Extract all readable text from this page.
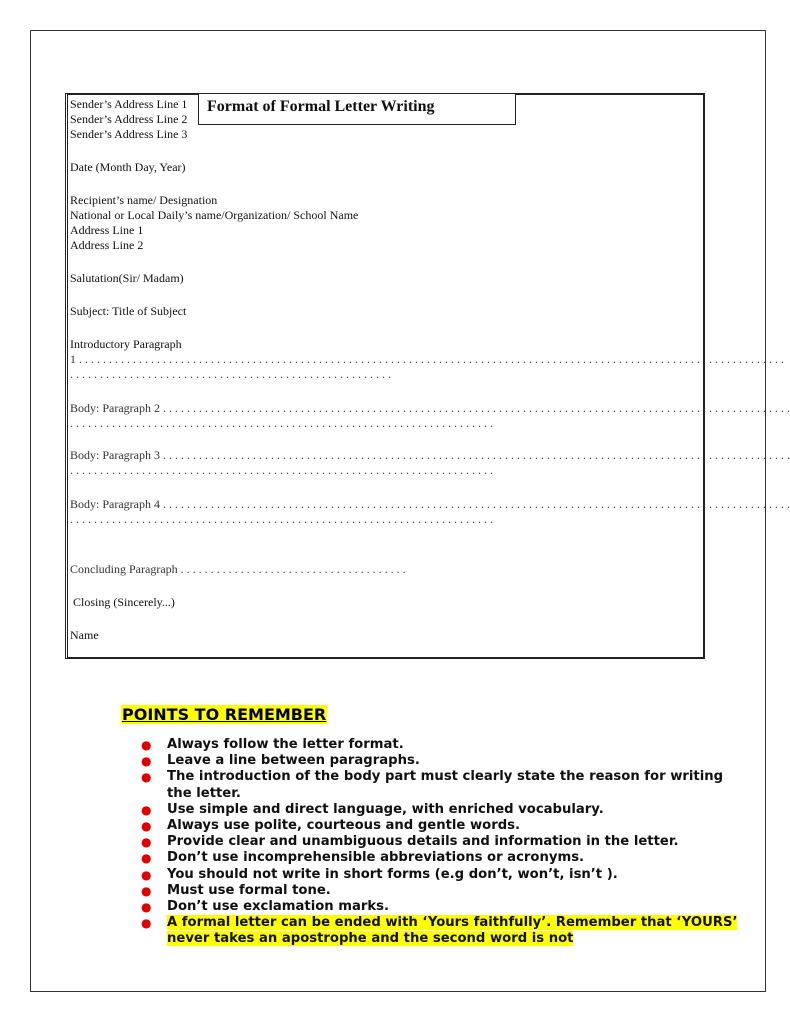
Format of Formal Letter Writing
Sender’s Address Line 1
Sender’s Address Line 2
Sender’s Address Line 3
Date (Month Day, Year)
Recipient’s name/ Designation
National or Local Daily’s name/Organization/ School Name
Address Line 1
Address Line 2
Salutation(Sir/ Madam)
Subject: Title of Subject
Introductory Paragraph
1 . . . . . . . . . . . . . . . . . . . . . . . . . . . . . . . . . . . . . . . . . . . . . . . . . . . . . . . . . . . . . . . . . . . . . . . . . . . . . . . . . . . . . . . . . . . . . . . . . . . . . . . . . . . . . . . . . . . . . .
. . . . . . . . . . . . . . . . . . . . . . . . . . . . . . . . . . . . . . . . . . . . . . . . . . . . . .
Body: Paragraph 2 . . . . . . . . . . . . . . . . . . . . . . . . . . . . . . . . . . . . . . . . . . . . . . . . . . . . . . . . . . . . . . . . . . . . . . . . . . . . . . . . . . . . . . . . . . . . . . . . . . . . . . . . .
. . . . . . . . . . . . . . . . . . . . . . . . . . . . . . . . . . . . . . . . . . . . . . . . . . . . . . . . . . . . . . . . . . . . . . .
Body: Paragraph 3 . . . . . . . . . . . . . . . . . . . . . . . . . . . . . . . . . . . . . . . . . . . . . . . . . . . . . . . . . . . . . . . . . . . . . . . . . . . . . . . . . . . . . . . . . . . . . . . . . . . . . . . . .
. . . . . . . . . . . . . . . . . . . . . . . . . . . . . . . . . . . . . . . . . . . . . . . . . . . . . . . . . . . . . . . . . . . . . . .
Body: Paragraph 4 . . . . . . . . . . . . . . . . . . . . . . . . . . . . . . . . . . . . . . . . . . . . . . . . . . . . . . . . . . . . . . . . . . . . . . . . . . . . . . . . . . . . . . . . . . . . . . . . . . . . . . . . .
. . . . . . . . . . . . . . . . . . . . . . . . . . . . . . . . . . . . . . . . . . . . . . . . . . . . . . . . . . . . . . . . . . . . . . .
Concluding Paragraph . . . . . . . . . . . . . . . . . . . . . . . . . . . . . . . . . . . . . .
Closing (Sincerely...)
Name
POINTS TO REMEMBER
● Always follow the letter format.
● Leave a line between paragraphs.
● The introduction of the body part must clearly state the reason for writing the letter.
● Use simple and direct language, with enriched vocabulary.
● Always use polite, courteous and gentle words.
● Provide clear and unambiguous details and information in the letter.
● Don’t use incomprehensible abbreviations or acronyms.
● You should not write in short forms (e.g don’t, won’t, isn’t ).
● Must use formal tone.
● Don’t use exclamation marks.
● A formal letter can be ended with ‘Yours faithfully’. Remember that ‘YOURS’ never takes an apostrophe and the second word is not
